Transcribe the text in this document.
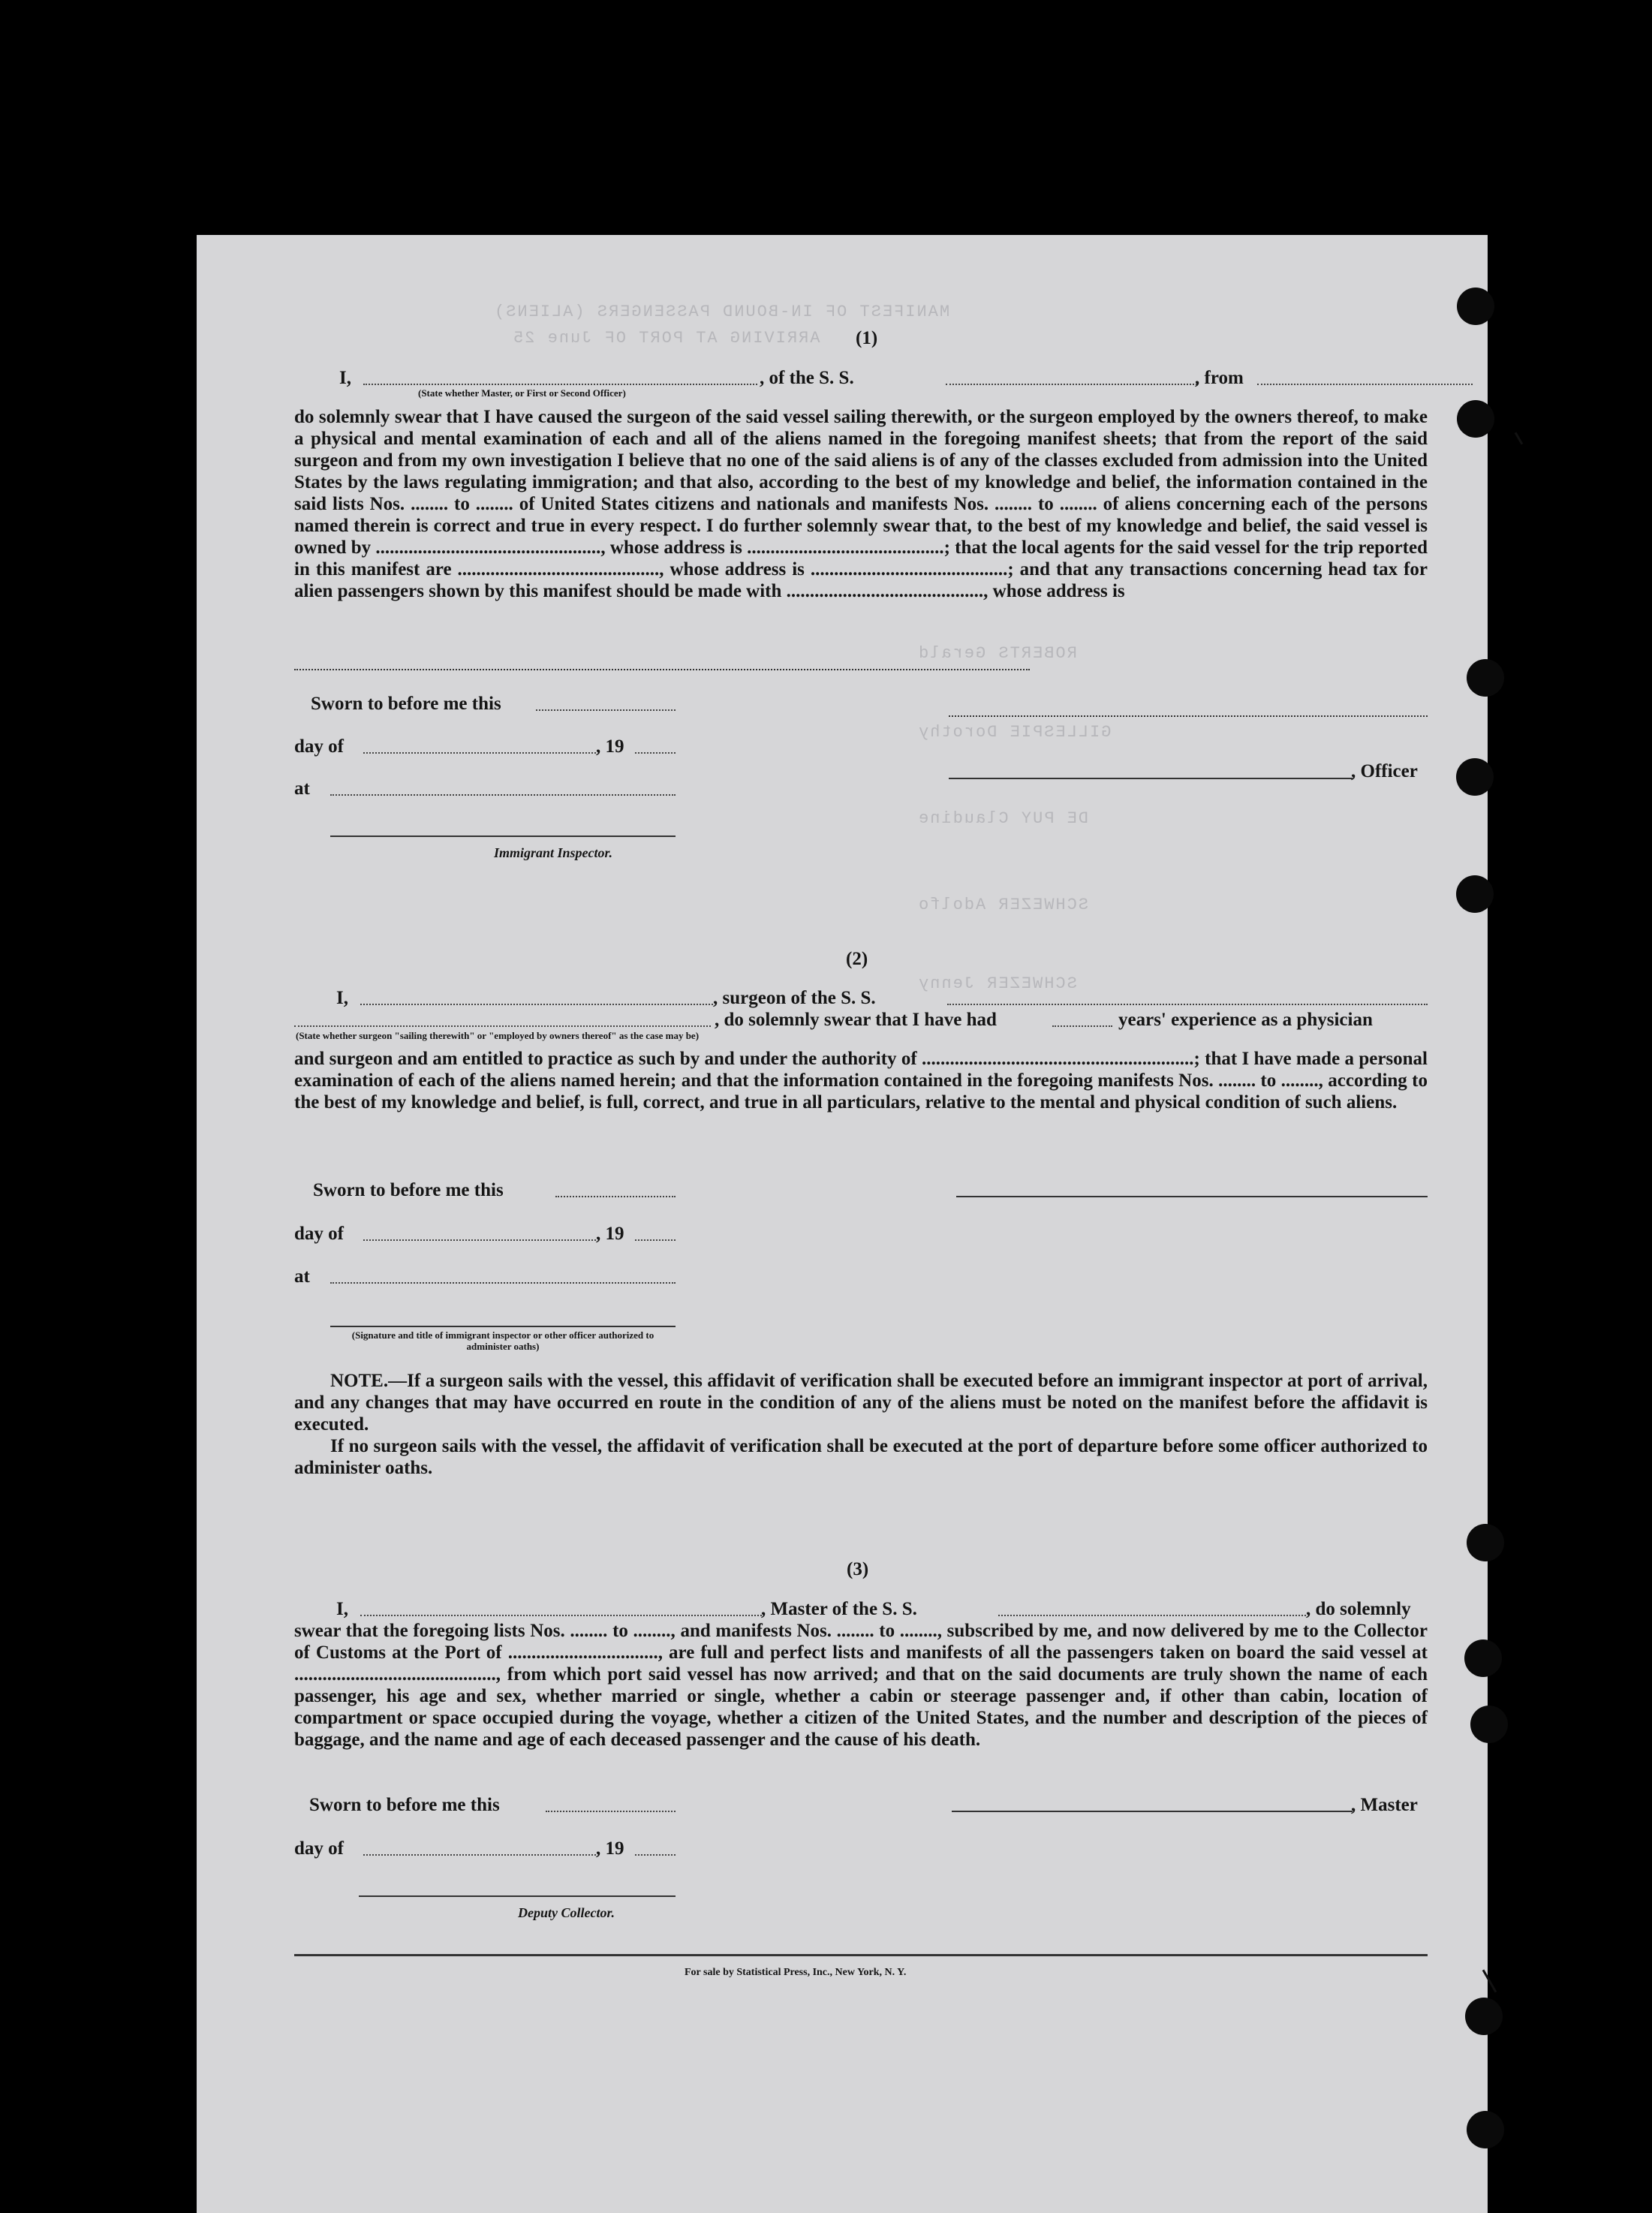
MANIFEST OF IN-BOUND PASSENGERS (ALIENS)
ARRIVING AT PORT OF June 25
ROBERTS Gerald
GILLESPIE Dorothy
DE PUY Claudine
SCHWEZER Adolfo
SCHWEZER Jenny
(1)
I,
(State whether Master, or First or Second Officer)
, of the S. S.	, from
do solemnly swear that I have caused the surgeon of the said vessel sailing therewith, or the surgeon employed by the owners thereof, to make a physical and mental examination of each and all of the aliens named in the foregoing manifest sheets; that from the report of the said surgeon and from my own investigation I believe that no one of the said aliens is of any of the classes excluded from admission into the United States by the laws regulating immigration; and that also, according to the best of my knowledge and belief, the information contained in the said lists Nos. ........ to ........ of United States citizens and nationals and manifests Nos. ........ to ........ of aliens concerning each of the persons named therein is correct and true in every respect. I do further solemnly swear that, to the best of my knowledge and belief, the said vessel is owned by ................................................, whose address is ..........................................; that the local agents for the said vessel for the trip reported in this manifest are ..........................................., whose address is ..........................................; and that any transactions concerning head tax for alien passengers shown by this manifest should be made with .........................................., whose address is
Sworn to before me this
day of	, 19
at
Immigrant Inspector.
, Officer
(2)
I,	, surgeon of the S. S.
, do solemnly swear that I have had	years' experience as a physician
(State whether surgeon "sailing therewith" or "employed by owners thereof" as the case may be)
and surgeon and am entitled to practice as such by and under the authority of ..........................................................; that I have made a personal examination of each of the aliens named herein; and that the information contained in the foregoing manifests Nos. ........ to ........, according to the best of my knowledge and belief, is full, correct, and true in all particulars, relative to the mental and physical condition of such aliens.
Sworn to before me this
day of	, 19
at
(Signature and title of immigrant inspector or other officer authorized to administer oaths)
NOTE.—If a surgeon sails with the vessel, this affidavit of verification shall be executed before an immigrant inspector at port of arrival, and any changes that may have occurred en route in the condition of any of the aliens must be noted on the manifest before the affidavit is executed.
If no surgeon sails with the vessel, the affidavit of verification shall be executed at the port of departure before some officer authorized to administer oaths.
(3)
I,	, Master of the S. S.	, do solemnly
swear that the foregoing lists Nos. ........ to ........, and manifests Nos. ........ to ........, subscribed by me, and now delivered by me to the Collector of Customs at the Port of ................................, are full and perfect lists and manifests of all the passengers taken on board the said vessel at ..........................................., from which port said vessel has now arrived; and that on the said documents are truly shown the name of each passenger, his age and sex, whether married or single, whether a cabin or steerage passenger and, if other than cabin, location of compartment or space occupied during the voyage, whether a citizen of the United States, and the number and description of the pieces of baggage, and the name and age of each deceased passenger and the cause of his death.
Sworn to before me this	, Master
day of	, 19
Deputy Collector.
For sale by Statistical Press, Inc., New York, N. Y.
